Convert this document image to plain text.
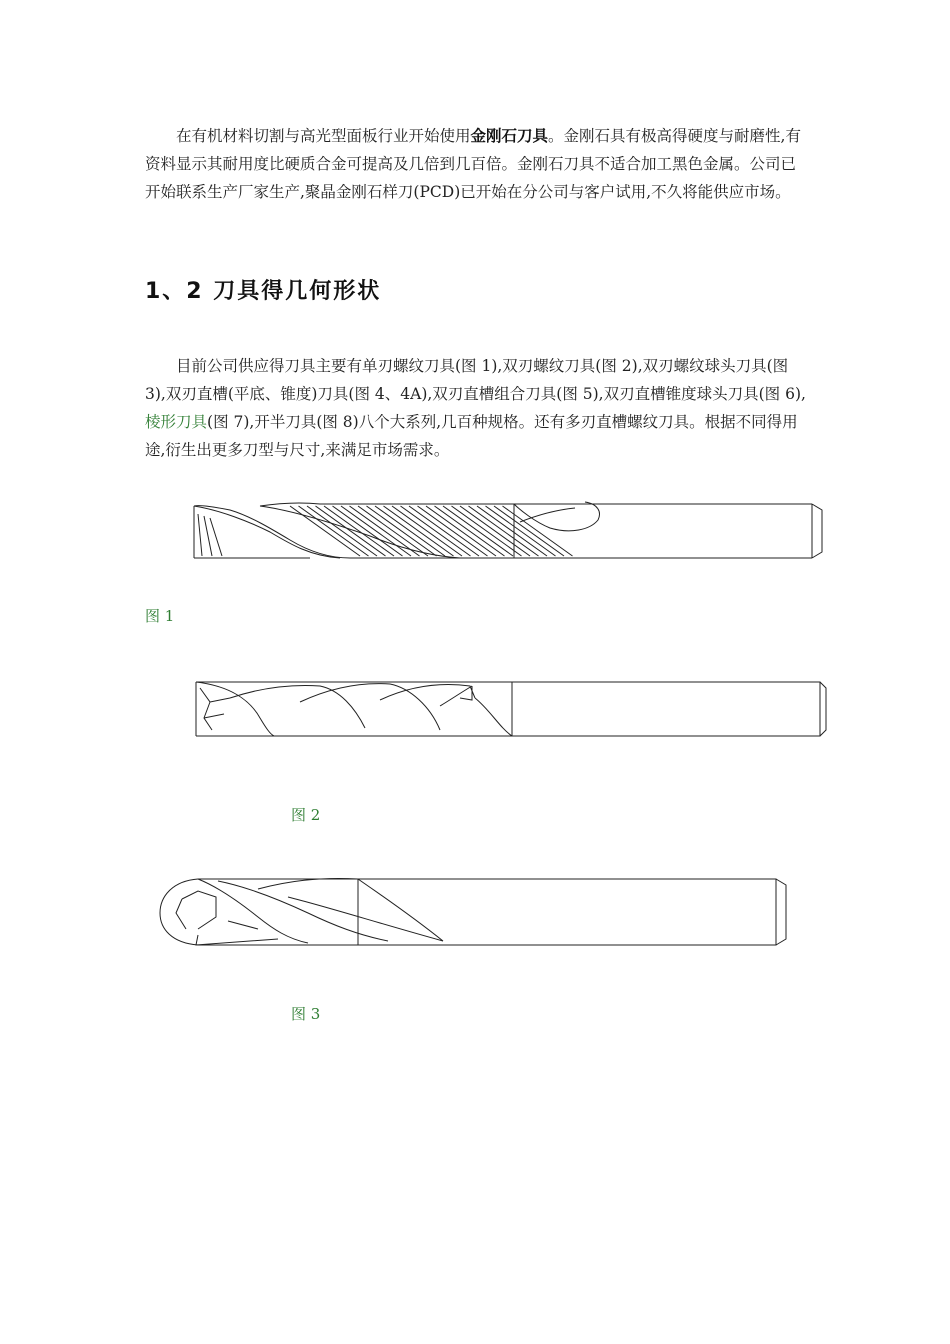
在有机材料切割与高光型面板行业开始使用金刚石刀具。金刚石具有极高得硬度与耐磨性,有资料显示其耐用度比硬质合金可提高及几倍到几百倍。金刚石刀具不适合加工黑色金属。公司已开始联系生产厂家生产,聚晶金刚石样刀(PCD)已开始在分公司与客户试用,不久将能供应市场。

1、2 刀具得几何形状

目前公司供应得刀具主要有单刃螺纹刀具(图 1),双刃螺纹刀具(图 2),双刃螺纹球头刀具(图 3),双刃直槽(平底、锥度)刀具(图 4、4A),双刃直槽组合刀具(图 5),双刃直槽锥度球头刀具(图 6),棱形刀具(图 7),开半刀具(图 8)八个大系列,几百种规格。还有多刃直槽螺纹刀具。根据不同得用途,衍生出更多刀型与尺寸,来满足市场需求。

图 1
图 2
图 3
